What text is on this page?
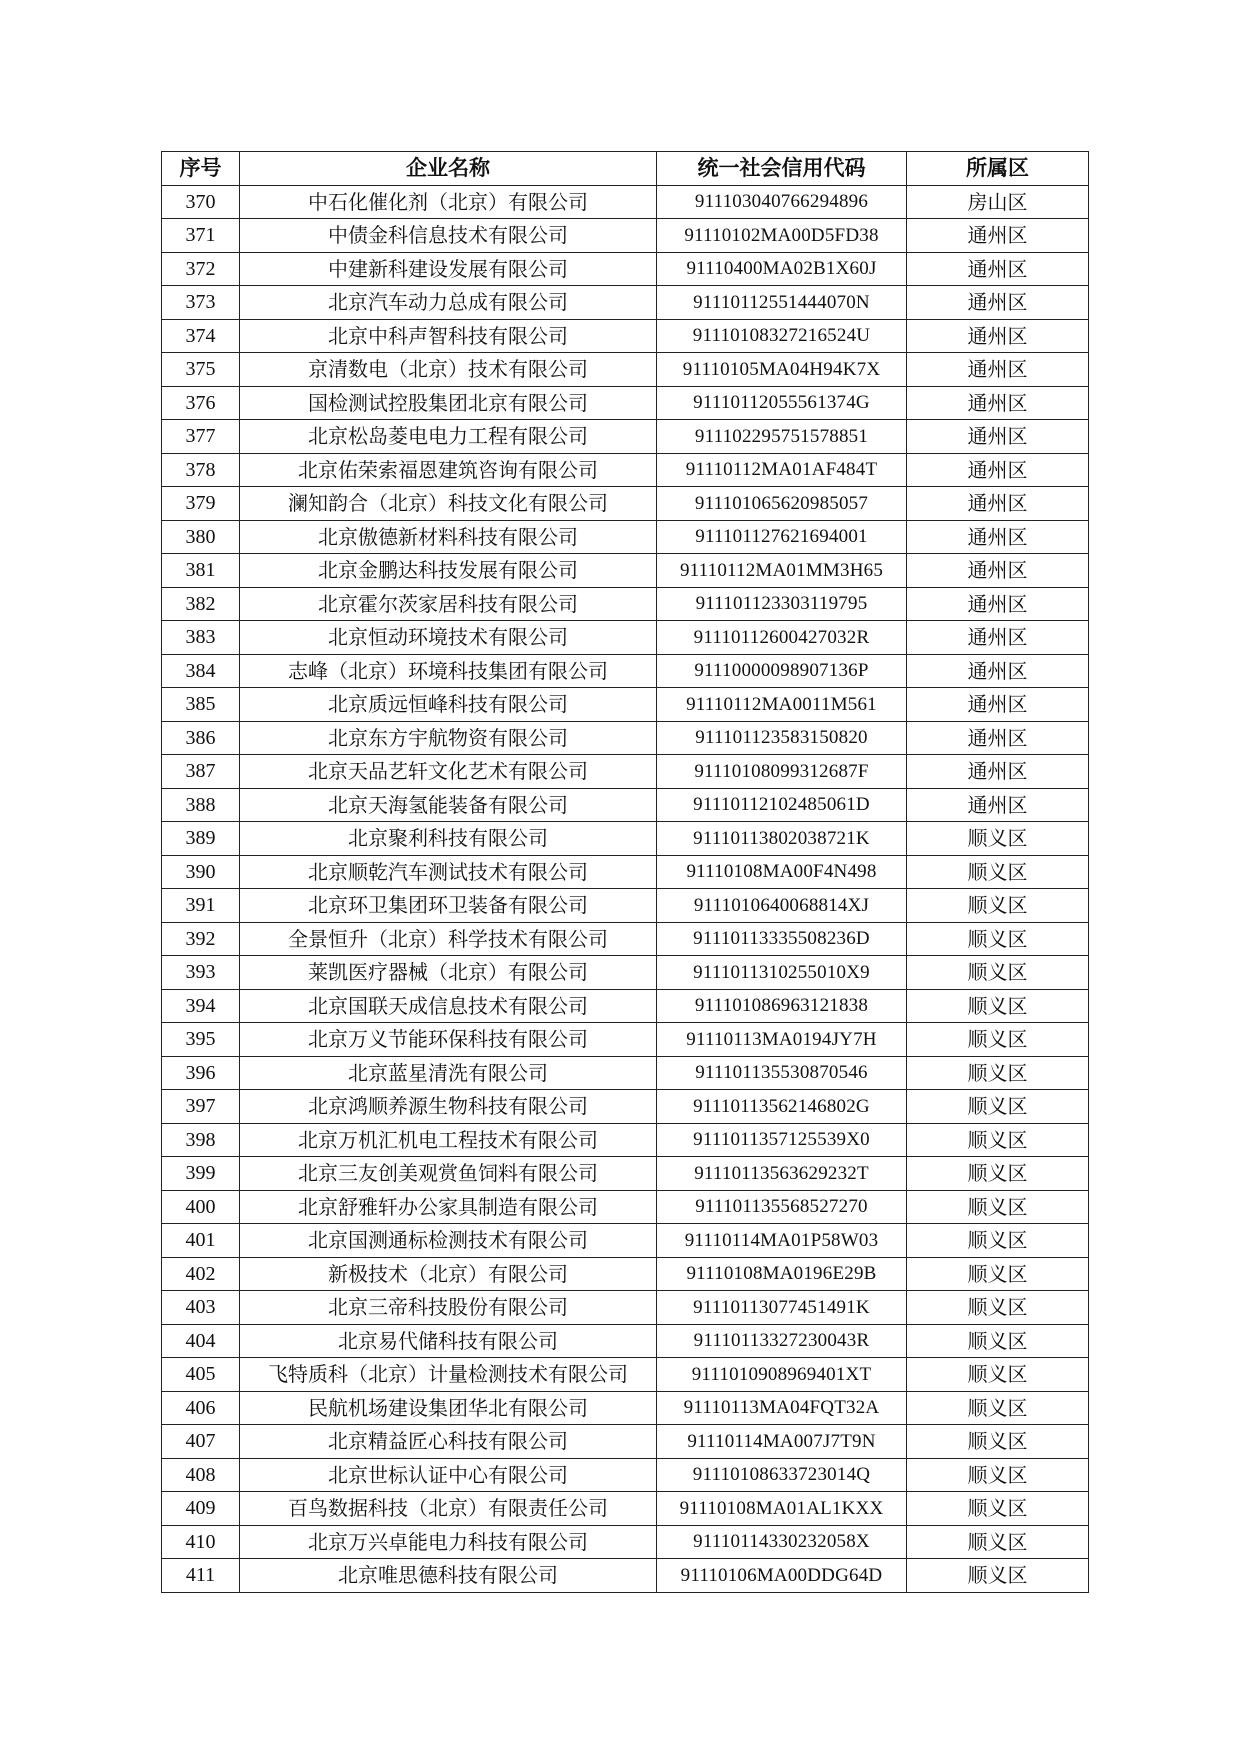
序号	企业名称	统一社会信用代码	所属区
370	中石化催化剂（北京）有限公司	911103040766294896	房山区
371	中债金科信息技术有限公司	91110102MA00D5FD38	通州区
372	中建新科建设发展有限公司	91110400MA02B1X60J	通州区
373	北京汽车动力总成有限公司	91110112551444070N	通州区
374	北京中科声智科技有限公司	91110108327216524U	通州区
375	京清数电（北京）技术有限公司	91110105MA04H94K7X	通州区
376	国检测试控股集团北京有限公司	91110112055561374G	通州区
377	北京松岛菱电电力工程有限公司	911102295751578851	通州区
378	北京佑荣索福恩建筑咨询有限公司	91110112MA01AF484T	通州区
379	澜知韵合（北京）科技文化有限公司	911101065620985057	通州区
380	北京傲德新材料科技有限公司	911101127621694001	通州区
381	北京金鹏达科技发展有限公司	91110112MA01MM3H65	通州区
382	北京霍尔茨家居科技有限公司	911101123303119795	通州区
383	北京恒动环境技术有限公司	91110112600427032R	通州区
384	志峰（北京）环境科技集团有限公司	91110000098907136P	通州区
385	北京质远恒峰科技有限公司	91110112MA0011M561	通州区
386	北京东方宇航物资有限公司	911101123583150820	通州区
387	北京天品艺轩文化艺术有限公司	91110108099312687F	通州区
388	北京天海氢能装备有限公司	91110112102485061D	通州区
389	北京聚利科技有限公司	91110113802038721K	顺义区
390	北京顺乾汽车测试技术有限公司	91110108MA00F4N498	顺义区
391	北京环卫集团环卫装备有限公司	9111010640068814XJ	顺义区
392	全景恒升（北京）科学技术有限公司	91110113335508236D	顺义区
393	莱凯医疗器械（北京）有限公司	9111011310255010X9	顺义区
394	北京国联天成信息技术有限公司	911101086963121838	顺义区
395	北京万义节能环保科技有限公司	91110113MA0194JY7H	顺义区
396	北京蓝星清洗有限公司	911101135530870546	顺义区
397	北京鸿顺养源生物科技有限公司	91110113562146802G	顺义区
398	北京万机汇机电工程技术有限公司	9111011357125539X0	顺义区
399	北京三友创美观赏鱼饲料有限公司	91110113563629232T	顺义区
400	北京舒雅轩办公家具制造有限公司	911101135568527270	顺义区
401	北京国测通标检测技术有限公司	91110114MA01P58W03	顺义区
402	新极技术（北京）有限公司	91110108MA0196E29B	顺义区
403	北京三帝科技股份有限公司	91110113077451491K	顺义区
404	北京易代储科技有限公司	91110113327230043R	顺义区
405	飞特质科（北京）计量检测技术有限公司	9111010908969401XT	顺义区
406	民航机场建设集团华北有限公司	91110113MA04FQT32A	顺义区
407	北京精益匠心科技有限公司	91110114MA007J7T9N	顺义区
408	北京世标认证中心有限公司	91110108633723014Q	顺义区
409	百鸟数据科技（北京）有限责任公司	91110108MA01AL1KXX	顺义区
410	北京万兴卓能电力科技有限公司	91110114330232058X	顺义区
411	北京唯思德科技有限公司	91110106MA00DDG64D	顺义区
